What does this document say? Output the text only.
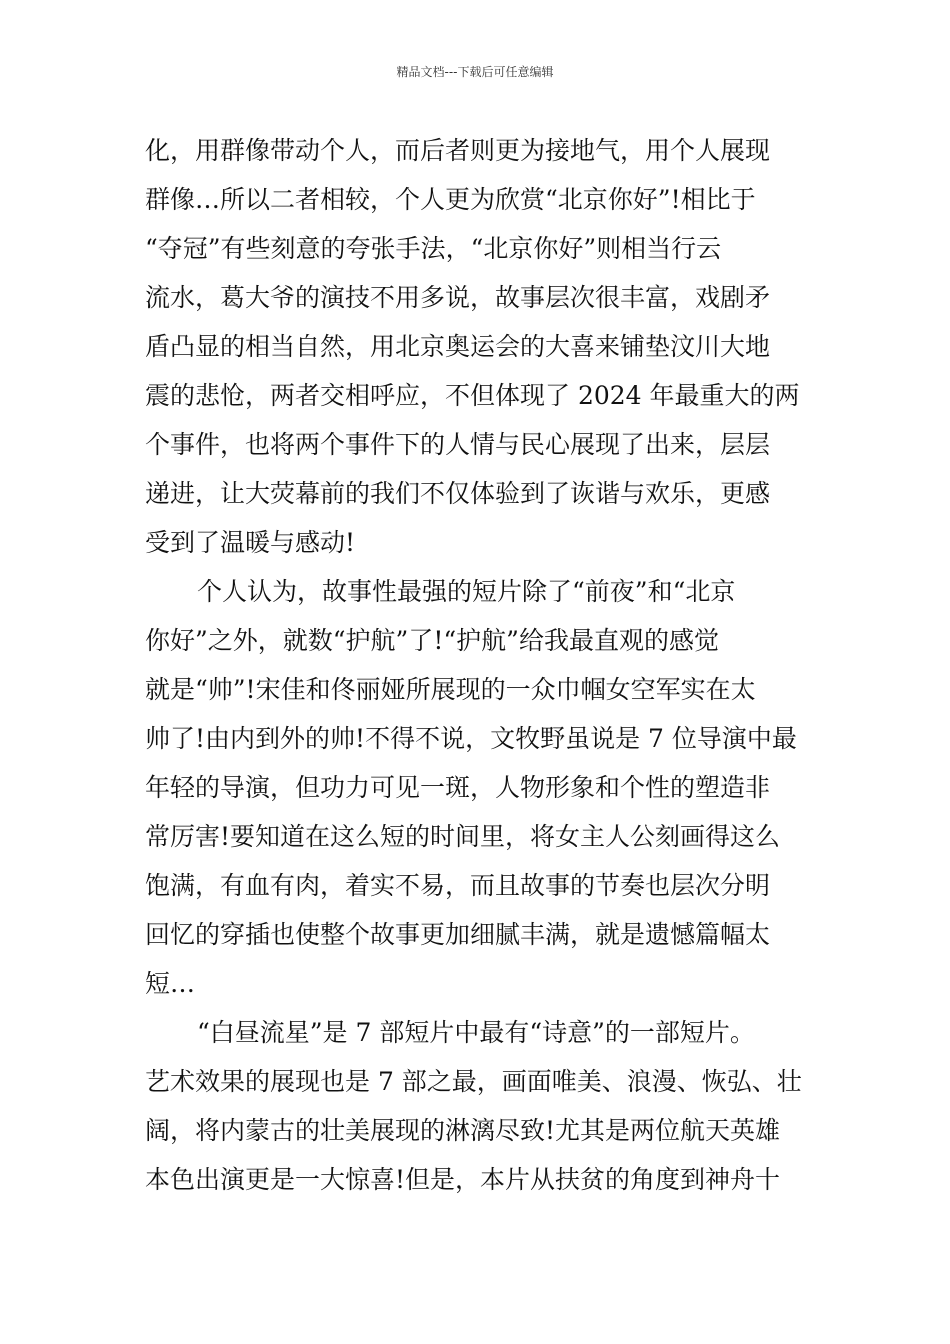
精品文档---下载后可任意编辑
化，用群像带动个人，而后者则更为接地气，用个人展现
群像…所以二者相较，个人更为欣赏“北京你好”!相比于
“夺冠”有些刻意的夸张手法，“北京你好”则相当行云
流水，葛大爷的演技不用多说，故事层次很丰富，戏剧矛
盾凸显的相当自然，用北京奥运会的大喜来铺垫汶川大地
震的悲怆，两者交相呼应，不但体现了 2024 年最重大的两
个事件，也将两个事件下的人情与民心展现了出来，层层
递进，让大荧幕前的我们不仅体验到了诙谐与欢乐，更感
受到了温暖与感动!
个人认为，故事性最强的短片除了“前夜”和“北京
你好”之外，就数“护航”了!“护航”给我最直观的感觉
就是“帅”!宋佳和佟丽娅所展现的一众巾帼女空军实在太
帅了!由内到外的帅!不得不说，文牧野虽说是 7 位导演中最
年轻的导演，但功力可见一斑，人物形象和个性的塑造非
常厉害!要知道在这么短的时间里，将女主人公刻画得这么
饱满，有血有肉，着实不易，而且故事的节奏也层次分明
回忆的穿插也使整个故事更加细腻丰满，就是遗憾篇幅太
短…
“白昼流星”是 7 部短片中最有“诗意”的一部短片。
艺术效果的展现也是 7 部之最，画面唯美、浪漫、恢弘、壮
阔，将内蒙古的壮美展现的淋漓尽致!尤其是两位航天英雄
本色出演更是一大惊喜!但是，本片从扶贫的角度到神舟十
